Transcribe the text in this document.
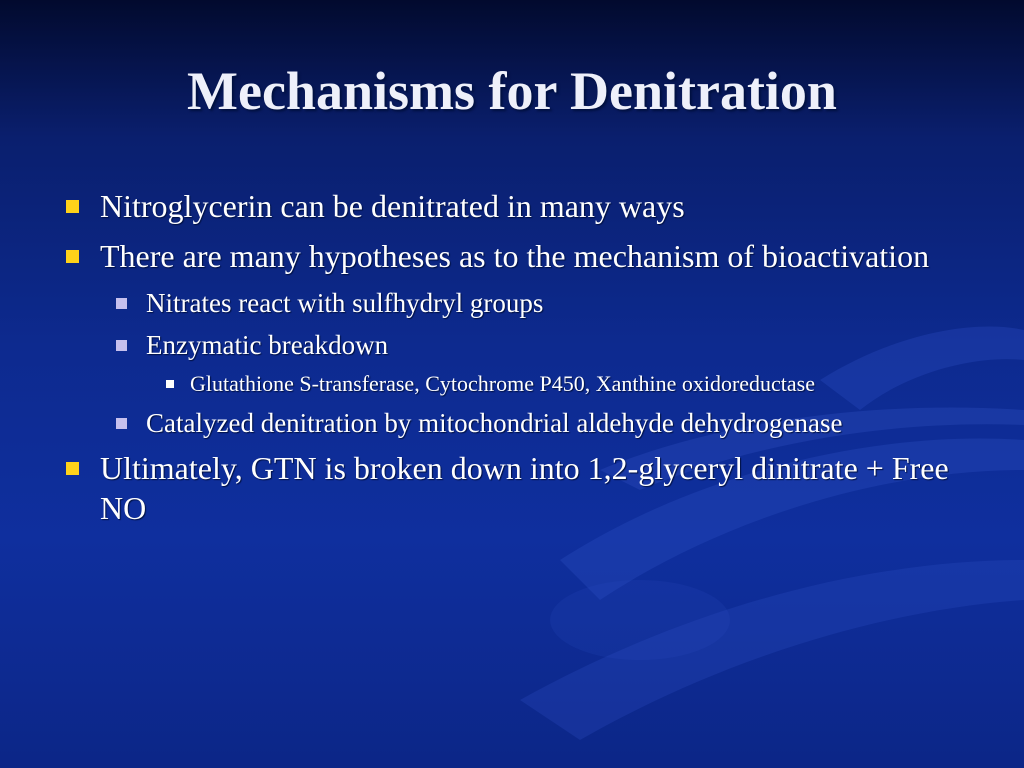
Mechanisms for Denitration
Nitroglycerin can be denitrated in many ways
There are many hypotheses as to the mechanism of bioactivation
Nitrates react with sulfhydryl groups
Enzymatic breakdown
Glutathione S-transferase, Cytochrome P450, Xanthine oxidoreductase
Catalyzed denitration by mitochondrial aldehyde dehydrogenase
Ultimately, GTN is broken down into 1,2-glyceryl dinitrate + Free NO
